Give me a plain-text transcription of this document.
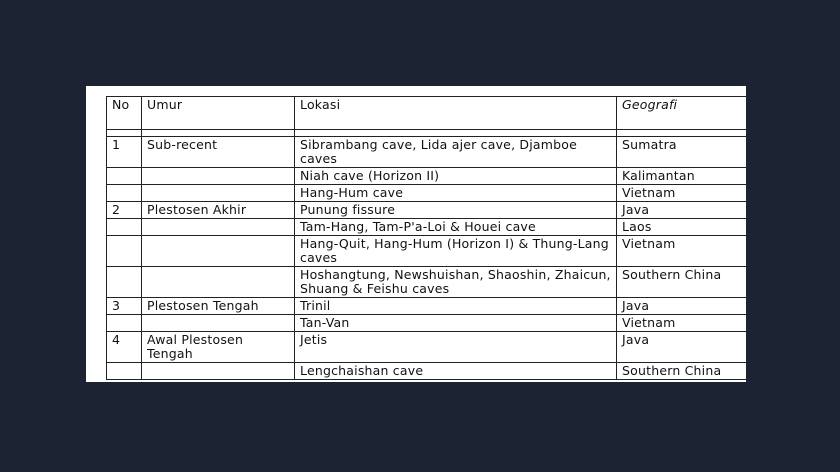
No	Umur	Lokasi	Geografi

1	Sub-recent	Sibrambang cave, Lida ajer cave, Djamboe caves	Sumatra
		Niah cave (Horizon II)	Kalimantan
		Hang-Hum cave	Vietnam
2	Plestosen Akhir	Punung fissure	Java
		Tam-Hang, Tam-P'a-Loi & Houei cave	Laos
		Hang-Quit, Hang-Hum (Horizon I) & Thung-Lang caves	Vietnam
		Hoshangtung, Newshuishan, Shaoshin, Zhaicun, Shuang & Feishu caves	Southern China
3	Plestosen Tengah	Trinil	Java
		Tan-Van	Vietnam
4	Awal Plestosen Tengah	Jetis	Java
		Lengchaishan cave	Southern China
